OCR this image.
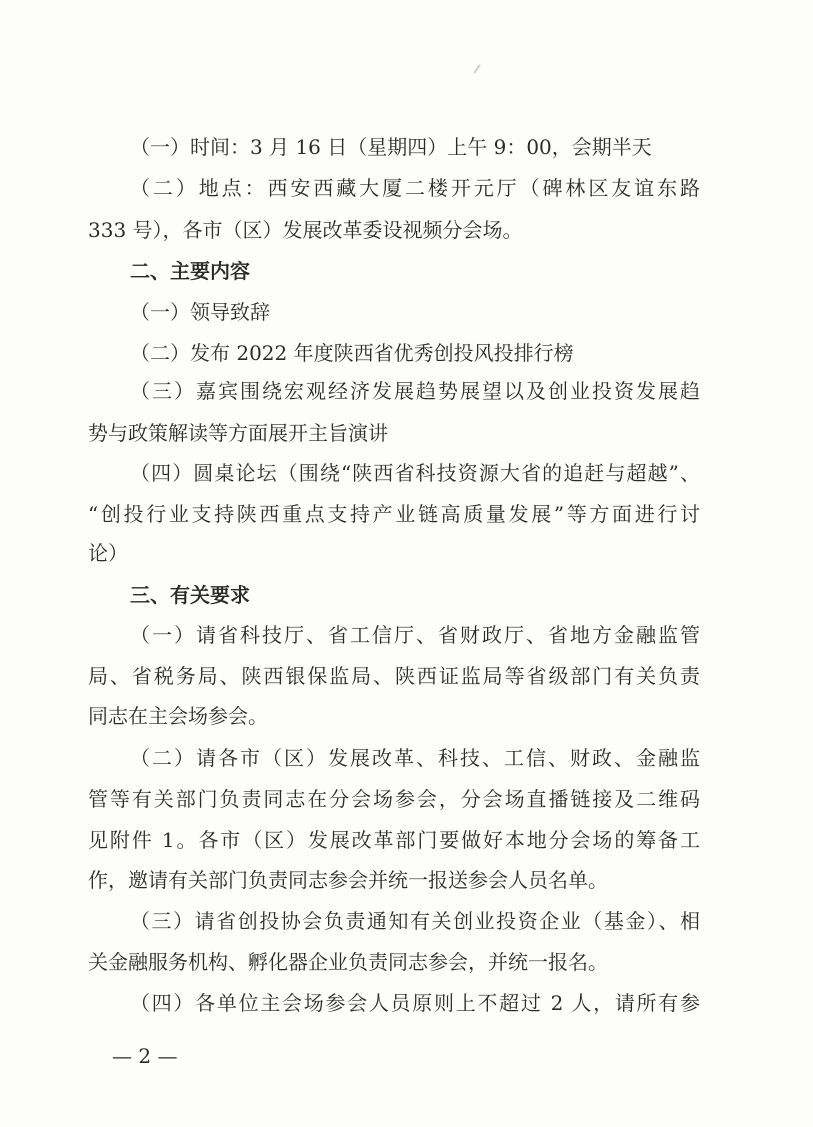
（一）时间：3 月 16 日（星期四）上午 9：00，会期半天
（二）地点：西安西藏大厦二楼开元厅（碑林区友谊东路
333 号），各市（区）发展改革委设视频分会场。
二、主要内容
（一）领导致辞
（二）发布 2022 年度陕西省优秀创投风投排行榜
（三）嘉宾围绕宏观经济发展趋势展望以及创业投资发展趋
势与政策解读等方面展开主旨演讲
（四）圆桌论坛（围绕“陕西省科技资源大省的追赶与超越”、
“创投行业支持陕西重点支持产业链高质量发展”等方面进行讨
论）
三、有关要求
（一）请省科技厅、省工信厅、省财政厅、省地方金融监管
局、省税务局、陕西银保监局、陕西证监局等省级部门有关负责
同志在主会场参会。
（二）请各市（区）发展改革、科技、工信、财政、金融监
管等有关部门负责同志在分会场参会，分会场直播链接及二维码
见附件 1。各市（区）发展改革部门要做好本地分会场的筹备工
作，邀请有关部门负责同志参会并统一报送参会人员名单。
（三）请省创投协会负责通知有关创业投资企业（基金）、相
关金融服务机构、孵化器企业负责同志参会，并统一报名。
（四）各单位主会场参会人员原则上不超过 2 人，请所有参
— 2 —
